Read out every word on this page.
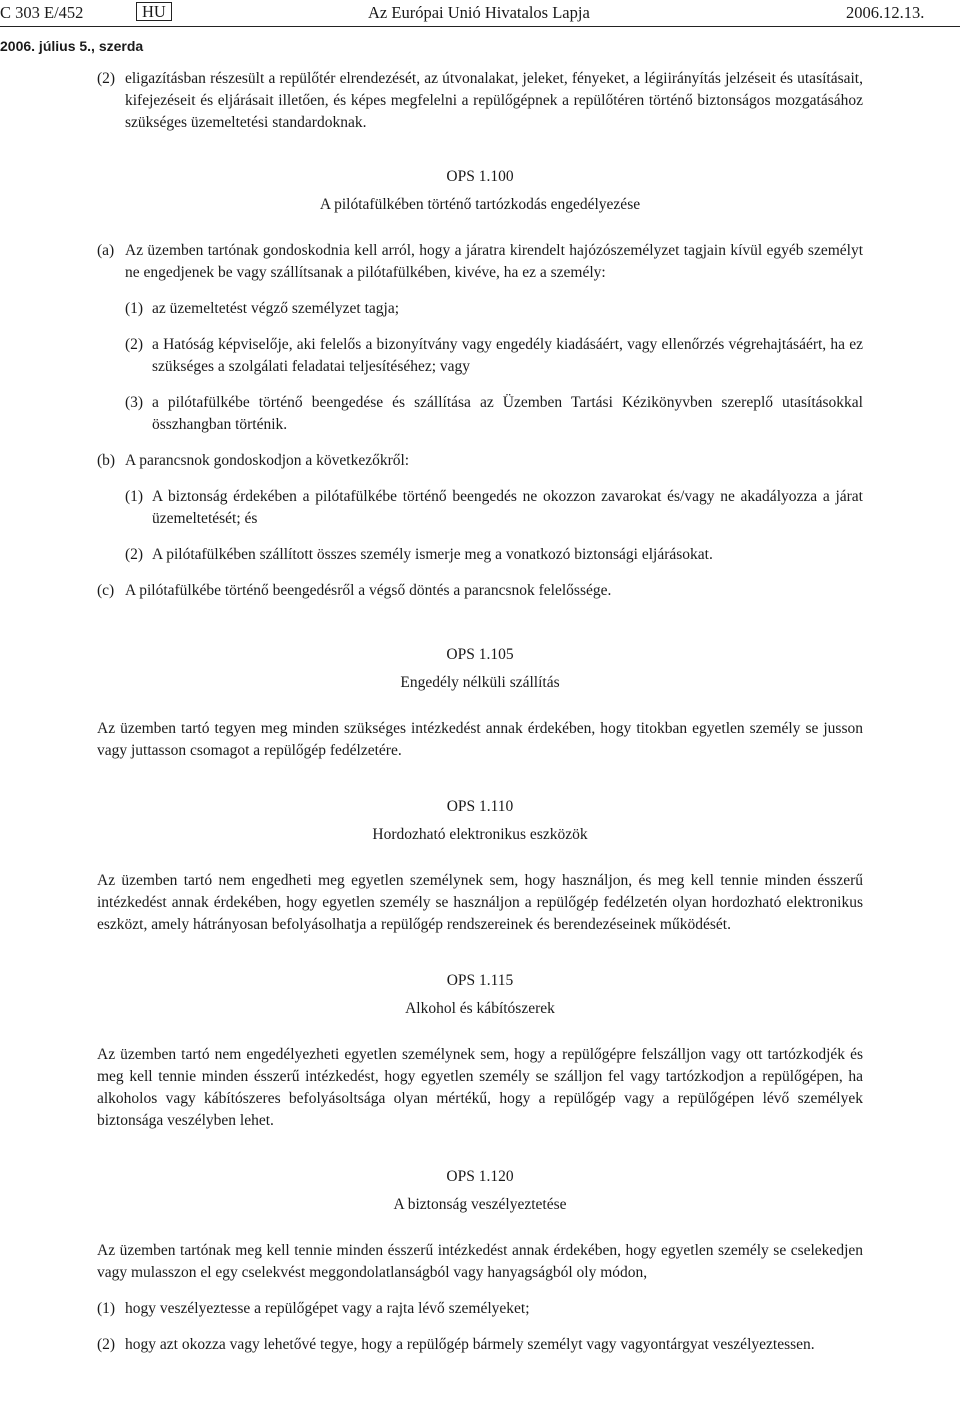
C 303 E/452	HU	Az Európai Unió Hivatalos Lapja	2006.12.13.
2006. július 5., szerda
(2) eligazításban részesült a repülőtér elrendezését, az útvonalakat, jeleket, fényeket, a légiirányítás jelzéseit és utasításait, kifejezéseit és eljárásait illetően, és képes megfelelni a repülőgépnek a repülőtéren történő biztonságos mozgatásához szükséges üzemeltetési standardoknak.

OPS 1.100
A pilótafülkében történő tartózkodás engedélyezése
(a) Az üzemben tartónak gondoskodnia kell arról, hogy a járatra kirendelt hajózószemélyzet tagjain kívül egyéb személyt ne engedjenek be vagy szállítsanak a pilótafülkében, kivéve, ha ez a személy:

(1) az üzemeltetést végző személyzet tagja;

(2) a Hatóság képviselője, aki felelős a bizonyítvány vagy engedély kiadásáért, vagy ellenőrzés végrehajtásáért, ha ez szükséges a szolgálati feladatai teljesítéséhez; vagy

(3) a pilótafülkébe történő beengedése és szállítása az Üzemben Tartási Kézikönyvben szereplő utasításokkal összhangban történik.

(b) A parancsnok gondoskodjon a következőkről:

(1) A biztonság érdekében a pilótafülkébe történő beengedés ne okozzon zavarokat és/vagy ne akadályozza a járat üzemeltetését; és

(2) A pilótafülkében szállított összes személy ismerje meg a vonatkozó biztonsági eljárásokat.

(c) A pilótafülkébe történő beengedésről a végső döntés a parancsnok felelőssége.

OPS 1.105
Engedély nélküli szállítás

Az üzemben tartó tegyen meg minden szükséges intézkedést annak érdekében, hogy titokban egyetlen személy se jusson vagy juttasson csomagot a repülőgép fedélzetére.

OPS 1.110
Hordozható elektronikus eszközök

Az üzemben tartó nem engedheti meg egyetlen személynek sem, hogy használjon, és meg kell tennie minden ésszerű intézkedést annak érdekében, hogy egyetlen személy se használjon a repülőgép fedélzetén olyan hordozható elektronikus eszközt, amely hátrányosan befolyásolhatja a repülőgép rendszereinek és berendezéseinek működését.

OPS 1.115
Alkohol és kábítószerek

Az üzemben tartó nem engedélyezheti egyetlen személynek sem, hogy a repülőgépre felszálljon vagy ott tartózkodjék és meg kell tennie minden ésszerű intézkedést, hogy egyetlen személy se szálljon fel vagy tartózkodjon a repülőgépen, ha alkoholos vagy kábítószeres befolyásoltsága olyan mértékű, hogy a repülőgép vagy a repülőgépen lévő személyek biztonsága veszélyben lehet.

OPS 1.120
A biztonság veszélyeztetése

Az üzemben tartónak meg kell tennie minden ésszerű intézkedést annak érdekében, hogy egyetlen személy se cselekedjen vagy mulasszon el egy cselekvést meggondolatlanságból vagy hanyagságból oly módon,

(1) hogy veszélyeztesse a repülőgépet vagy a rajta lévő személyeket;

(2) hogy azt okozza vagy lehetővé tegye, hogy a repülőgép bármely személyt vagy vagyontárgyat veszélyeztessen.
